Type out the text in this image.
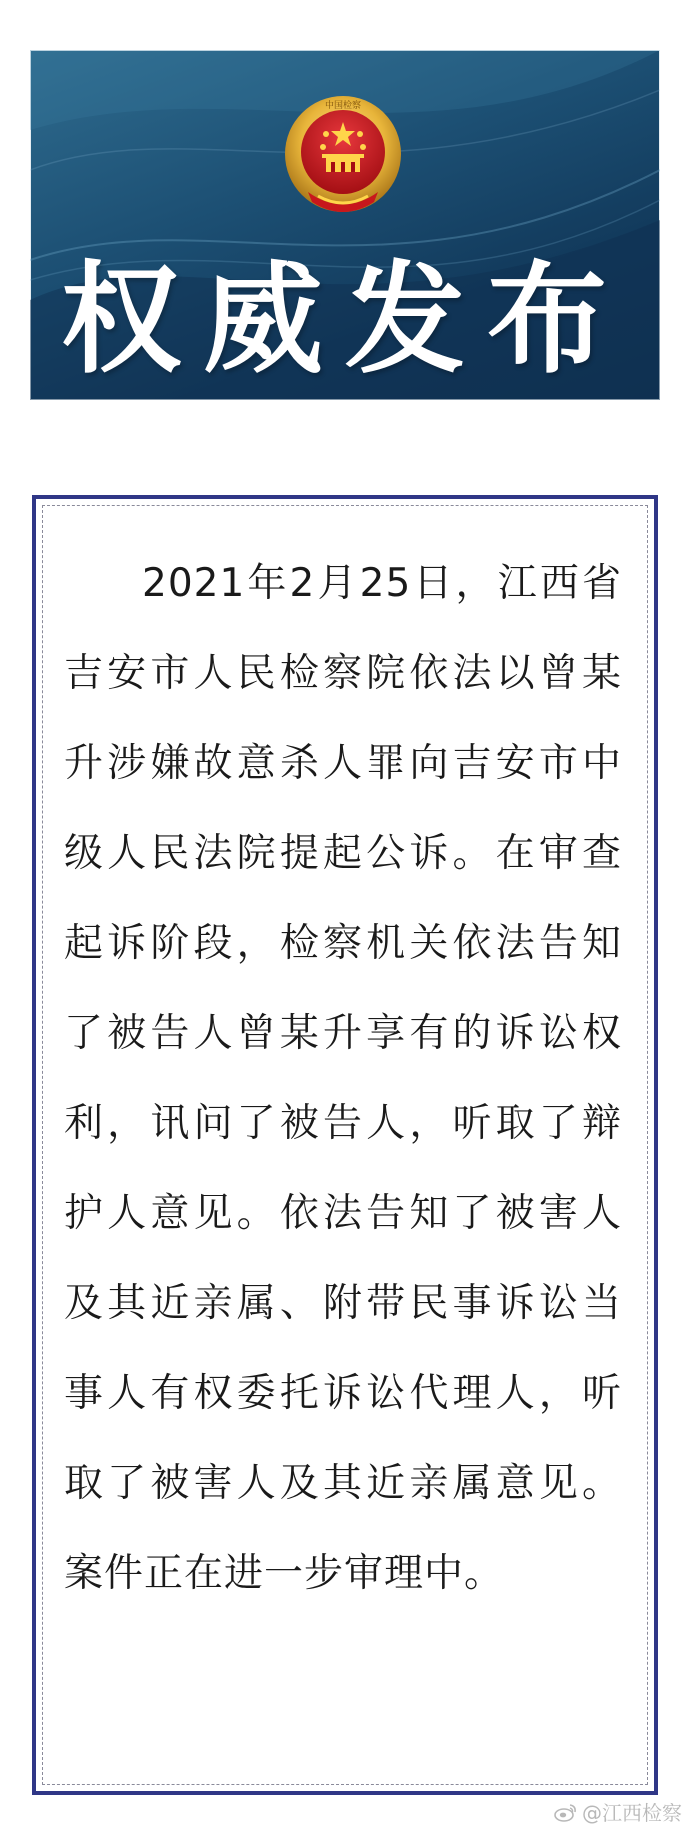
中国检察
权威发布

2021年2月25日，江西省吉安市人民检察院依法以曾某升涉嫌故意杀人罪向吉安市中级人民法院提起公诉。在审查起诉阶段，检察机关依法告知了被告人曾某升享有的诉讼权利，讯问了被告人，听取了辩护人意见。依法告知了被害人及其近亲属、附带民事诉讼当事人有权委托诉讼代理人，听取了被害人及其近亲属意见。案件正在进一步审理中。

@江西检察
